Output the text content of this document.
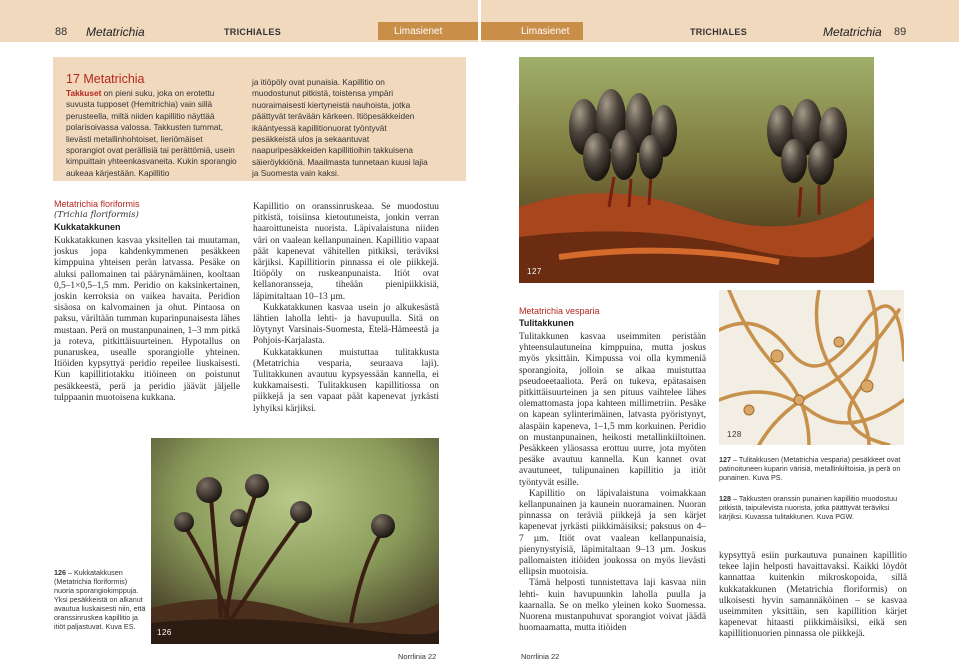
88 Metatrichia	TRICHIALES	Limasienet	Limasienet	TRICHIALES	Metatrichia 89
17 Metatrichia
Takkuset on pieni suku, joka on erotettu suvusta tupposet (Hemitrichia) vain sillä perusteella, miltä niiden kapillitio näyttää polarisoivassa valossa. Takkusten tummat, lievästi metallinhohtoiset, lieriömäiset sporangiot ovat perällisiä tai perättömiä, usein kimpuittain yhteenkasvaneita. Kukin sporangio aukeaa kärjestään. Kapillitio
ja itiöpöly ovat punaisia. Kapillitio on muodostunut pitkistä, toistensa ympäri nuoraimaisesti kiertyneistä nauhoista, jotka päättyvät terävään kärkeen. Itiöpesäkkeiden ikääntyessä kapillitionuorat työntyvät pesäkkeistä ulos ja sekaantuvat naapuripesäkkeiden kapillitioihin takkuisena säieröykkiönä. Maailmasta tunnetaan kuusi lajia ja Suomesta vain kaksi.
Metatrichia floriformis
(Trichia floriformis)
Kukkatakkunen

Kukkatakkunen kasvaa yksitellen tai muutaman, joskus jopa kahdenkymmenen pesäkkeen kimppuina yhteisen perän latvassa. Pesäke on aluksi pallomainen tai päärynämäinen, kooltaan 0,5–1×0,5–1,5 mm. Peridio on kaksinkertainen, joskin kerroksia on vaikea havaita. Peridion sisäosa on kalvomainen ja ohut. Pintaosa on paksu, väriltään tumman kuparinpunaisesta lähes mustaan. Perä on mustanpunainen, 1–3 mm pitkä ja roteva, pitkittäisuurteinen. Hypotallus on punaruskea, usealle sporangiolle yhteinen. Itiöiden kypsyttyä peridio repeilee liuskaisesti. Kun kapillitiotakku itiöineen on poistunut pesäkkeestä, perä ja peridio jäävät jäljelle tulppaanin muotoisena kukkana.

Kapillitio on oranssinruskeaa. Se muodostuu pitkistä, toisiinsa kietoutuneista, jonkin verran haaroittuneista nuorista. Läpivalaistuna niiden väri on vaalean kellanpunainen. Kapillitio vapaat päät kapenevat vähitellen pitkiksi, teräviksi kärjiksi. Kapillitiorin pinnassa ei ole piikkejä. Itiöpöly on ruskeanpunaista. Itiöt ovat kellanoransseja, tiheään pienipiikkisiä, läpimitaltaan 10–13 µm.

Kukkatakkunen kasvaa usein jo alkukesästä lähtien laholla lehti- ja havupuulla. Sitä on löytynyt Varsinais-Suomesta, Etelä-Hämeestä ja Pohjois-Karjalasta.

Kukkatakkunen muistuttaa tulitakkusta (Metatrichia vesparia, seuraava laji). Tulitakkunen avautuu kypsyessään kannella, ei kukkamaisesti. Tulitakkusen kapillitiossa on piikkejä ja sen vapaat päät kapenevat jyrkästi lyhyiksi kärjiksi.

126
126 – Kukkatakkusen (Metatrichia floriformis) nuoria sporangiokimppuja. Yksi pesäkkeistä on alkanut avautua liuskaisesti niin, että oranssinruskea kapillitio ja itiöt paljastuvat. Kuva ES.
Norrlinia 22
127
Metatrichia vesparia
Tulitakkunen

Tulitakkunen kasvaa useimmiten peristään yhteensulautuneina kimppuina, mutta joskus myös yksittäin. Kimpussa voi olla kymmeniä sporangioita, jolloin se alkaa muistuttaa pseudoeetaaliota. Perä on tukeva, epätasaisen pitkittäisuurteinen ja sen pituus vaihtelee lähes olemattomasta jopa kahteen millimetriin. Pesäke on kapean sylinterimäinen, latvasta pyöristynyt, alaspäin kapeneva, 1–1,5 mm korkuinen. Peridio on mustanpunainen, heikosti metallinkiiltoinen. Pesäkkeen yläosassa erottuu uurre, jota myöten pesäke avautuu kannella. Kun kannet ovat avautuneet, tulipunainen kapillitio ja itiöt työntyvät esille.

Kapillitio on läpivalaistuna voimakkaan kellanpunainen ja kaunein nuoramainen. Nuoran pinnassa on teräviä piikkejä ja sen kärjet kapenevat jyrkästi piikkimäisiksi; paksuus on 4–7 µm. Itiöt ovat vaalean kellanpunaisia, pienynystyisiä, läpimitaltaan 9–13 µm. Joskus pallomaisten itiöiden joukossa on myös lievästi ellipsin muotoisia.

Tämä helposti tunnistettava laji kasvaa niin lehti- kuin havupuunkin laholla puulla ja kaarnalla. Se on melko yleinen koko Suomessa. Nuorena mustanpuhuvat sporangiot voivat jäädä huomaamatta, mutta itiöiden

128
127 – Tulitakkusen (Metatrichia vesparia) pesäkkeet ovat patinoituneen kuparin värisiä, metallinkiiltoisia, ja perä on punainen. Kuva PS.
128 – Takkusten oranssin punainen kapillitio muodostuu pitkistä, taipuilevista nuorista, jotka päättyvät teräviksi kärjiksi. Kuvassa tulitakkunen. Kuva PGW.

kypsyttyä esiin purkautuva punainen kapillitio tekee lajin helposti havaittavaksi. Kaikki löydöt kannattaa kuitenkin mikroskopoida, sillä kukkatakkunen (Metatrichia floriformis) on ulkoisesti hyvin samannäköinen – se kasvaa useimmiten yksittäin, sen kapillition kärjet kapenevat hitaasti piikkimäisiksi, eikä sen kapillitionuorien pinnassa ole piikkejä.

Norrlinia 22
